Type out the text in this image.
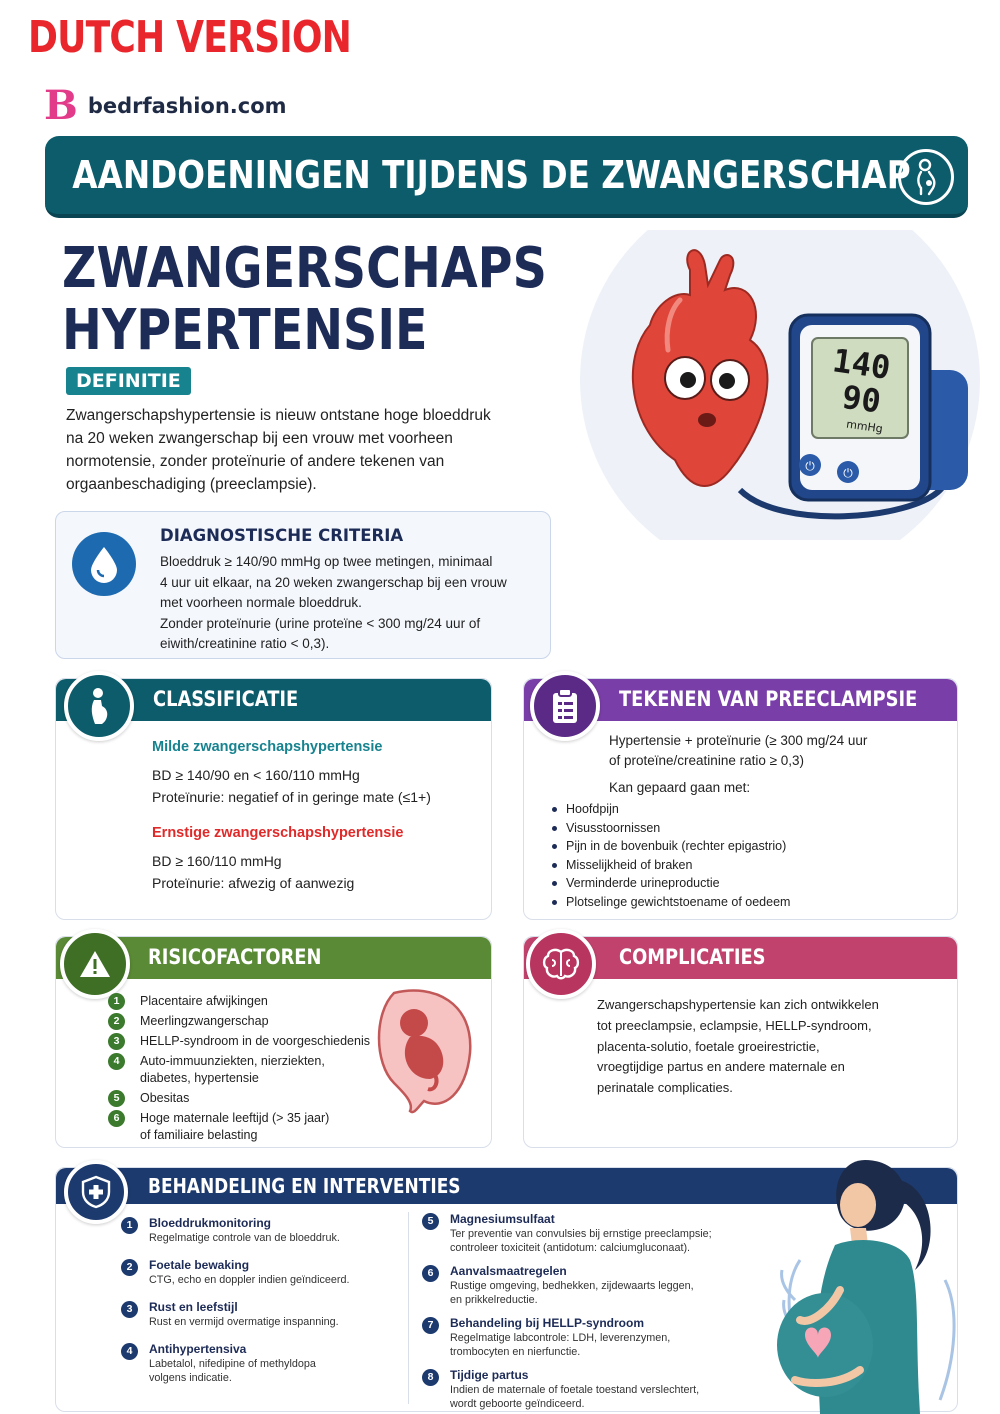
DUTCH VERSION
B bedrfashion.com
AANDOENINGEN TIJDENS DE ZWANGERSCHAP
ZWANGERSCHAPS
HYPERTENSIE
DEFINITIE
Zwangerschapshypertensie is nieuw ontstane hoge bloeddruk
na 20 weken zwangerschap bij een vrouw met voorheen
normotensie, zonder proteïnurie of andere tekenen van
orgaanbeschadiging (preeclampsie).
140
90
mmHg
⏻ ⏻
DIAGNOSTISCHE CRITERIA
Bloeddruk ≥ 140/90 mmHg op twee metingen, minimaal
4 uur uit elkaar, na 20 weken zwangerschap bij een vrouw
met voorheen normale bloeddruk.
Zonder proteïnurie (urine proteïne < 300 mg/24 uur of
eiwith/creatinine ratio < 0,3).
CLASSIFICATIE
Milde zwangerschapshypertensie
BD ≥ 140/90 en < 160/110 mmHg
Proteïnurie: negatief of in geringe mate (≤1+)
Ernstige zwangerschapshypertensie
BD ≥ 160/110 mmHg
Proteïnurie: afwezig of aanwezig
TEKENEN VAN PREECLAMPSIE
Hypertensie + proteïnurie (≥ 300 mg/24 uur
of proteïne/creatinine ratio ≥ 0,3)
Kan gepaard gaan met:
Hoofdpijn
Visusstoornissen
Pijn in de bovenbuik (rechter epigastrio)
Misselijkheid of braken
Verminderde urineproductie
Plotselinge gewichtstoename of oedeem
RISICOFACTOREN
1	Placentaire afwijkingen
2	Meerlingzwangerschap
3	HELLP-syndroom in de voorgeschiedenis
4	Auto-immuunziekten, nierziekten,
diabetes, hypertensie
5	Obesitas
6	Hoge maternale leeftijd (> 35 jaar)
of familiaire belasting
COMPLICATIES
Zwangerschapshypertensie kan zich ontwikkelen
tot preeclampsie, eclampsie, HELLP-syndroom,
placenta-solutio, foetale groeirestrictie,
vroegtijdige partus en andere maternale en
perinatale complicaties.
BEHANDELING EN INTERVENTIES
1	Bloeddrukmonitoring
Regelmatige controle van de bloeddruk.
2	Foetale bewaking
CTG, echo en doppler indien geïndiceerd.
3	Rust en leefstijl
Rust en vermijd overmatige inspanning.
4	Antihypertensiva
Labetalol, nifedipine of methyldopa
volgens indicatie.
5	Magnesiumsulfaat
Ter preventie van convulsies bij ernstige preeclampsie;
controleer toxiciteit (antidotum: calciumgluconaat).
6	Aanvalsmaatregelen
Rustige omgeving, bedhekken, zijdewaarts leggen,
en prikkelreductie.
7	Behandeling bij HELLP-syndroom
Regelmatige labcontrole: LDH, leverenzymen,
trombocyten en nierfunctie.
8	Tijdige partus
Indien de maternale of foetale toestand verslechtert,
wordt geboorte geïndiceerd.
